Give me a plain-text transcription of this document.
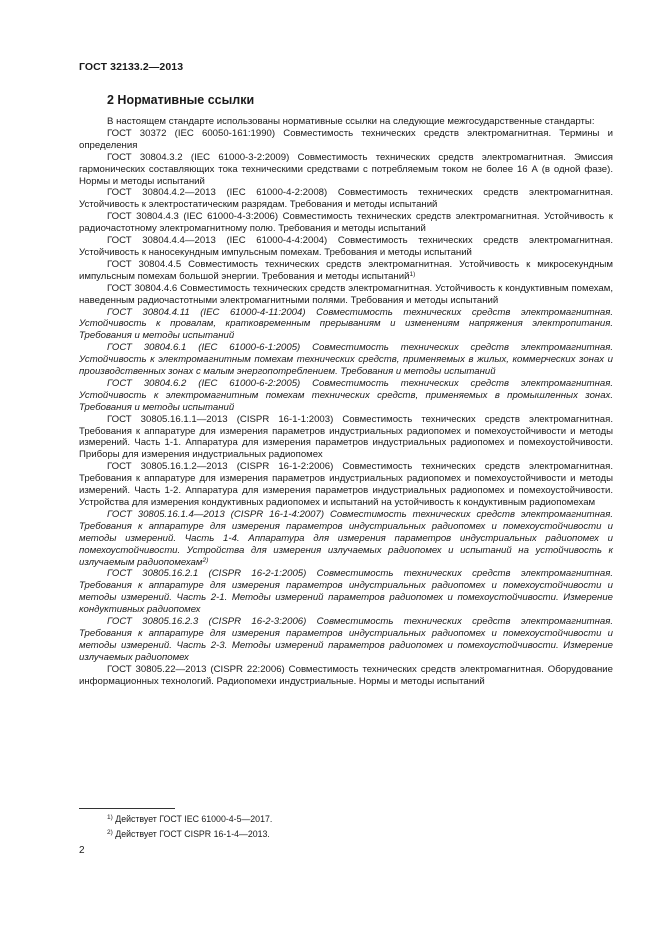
ГОСТ 32133.2—2013
2 Нормативные ссылки

В настоящем стандарте использованы нормативные ссылки на следующие межгосударственные стандарты:

ГОСТ 30372 (IEC 60050-161:1990) Совместимость технических средств электромагнитная. Термины и определения

ГОСТ 30804.3.2 (IEC 61000-3-2:2009) Совместимость технических средств электромагнитная. Эмиссия гармонических составляющих тока техническими средствами с потребляемым током не более 16 А (в одной фазе). Нормы и методы испытаний

ГОСТ 30804.4.2—2013 (IEC 61000-4-2:2008) Совместимость технических средств электромагнитная. Устойчивость к электростатическим разрядам. Требования и методы испытаний

ГОСТ 30804.4.3 (IEC 61000-4-3:2006) Совместимость технических средств электромагнитная. Устойчивость к радиочастотному электромагнитному полю. Требования и методы испытаний

ГОСТ 30804.4.4—2013 (IEC 61000-4-4:2004) Совместимость технических средств электромагнитная. Устойчивость к наносекундным импульсным помехам. Требования и методы испытаний

ГОСТ 30804.4.5 Совместимость технических средств электромагнитная. Устойчивость к микросекундным импульсным помехам большой энергии. Требования и методы испытаний$^{1)}$

ГОСТ 30804.4.6 Совместимость технических средств электромагнитная. Устойчивость к кондуктивным помехам, наведенным радиочастотными электромагнитными полями. Требования и методы испытаний

ГОСТ 30804.4.11 (IEC 61000-4-11:2004) Совместимость технических средств электромагнитная. Устойчивость к провалам, кратковременным прерываниям и изменениям напряжения электропитания. Требования и методы испытаний

ГОСТ 30804.6.1 (IEC 61000-6-1:2005) Совместимость технических средств электромагнитная. Устойчивость к электромагнитным помехам технических средств, применяемых в жилых, коммерческих зонах и производственных зонах с малым энергопотреблением. Требования и методы испытаний

ГОСТ 30804.6.2 (IEC 61000-6-2:2005) Совместимость технических средств электромагнитная. Устойчивость к электромагнитным помехам технических средств, применяемых в промышленных зонах. Требования и методы испытаний

ГОСТ 30805.16.1.1—2013 (CISPR 16-1-1:2003) Совместимость технических средств электромагнитная. Требования к аппаратуре для измерения параметров индустриальных радиопомех и помехоустойчивости и методы измерений. Часть 1-1. Аппаратура для измерения параметров индустриальных радиопомех и помехоустойчивости. Приборы для измерения индустриальных радиопомех

ГОСТ 30805.16.1.2—2013 (CISPR 16-1-2:2006) Совместимость технических средств электромагнитная. Требования к аппаратуре для измерения параметров индустриальных радиопомех и помехоустойчивости и методы измерений. Часть 1-2. Аппаратура для измерения параметров индустриальных радиопомех и помехоустойчивости. Устройства для измерения кондуктивных радиопомех и испытаний на устойчивость к кондуктивным радиопомехам

ГОСТ 30805.16.1.4—2013 (CISPR 16-1-4:2007) Совместимость технических средств электромагнитная. Требования к аппаратуре для измерения параметров индустриальных радиопомех и помехоустойчивости и методы измерений. Часть 1-4. Аппаратура для измерения параметров индустриальных радиопомех и помехоустойчивости. Устройства для измерения излучаемых радиопомех и испытаний на устойчивость к излучаемым радиопомехам$^{2)}$

ГОСТ 30805.16.2.1 (CISPR 16-2-1:2005) Совместимость технических средств электромагнитная. Требования к аппаратуре для измерения параметров индустриальных радиопомех и помехоустойчивости и методы измерений. Часть 2-1. Методы измерений параметров радиопомех и помехоустойчивости. Измерение кондуктивных радиопомех

ГОСТ 30805.16.2.3 (CISPR 16-2-3:2006) Совместимость технических средств электромагнитная. Требования к аппаратуре для измерения параметров индустриальных радиопомех и помехоустойчивости и методы измерений. Часть 2-3. Методы измерений параметров радиопомех и помехоустойчивости. Измерение излучаемых радиопомех

ГОСТ 30805.22—2013 (CISPR 22:2006) Совместимость технических средств электромагнитная. Оборудование информационных технологий. Радиопомехи индустриальные. Нормы и методы испытаний

$^{1)}$ Действует ГОСТ IEC 61000-4-5—2017.
$^{2)}$ Действует ГОСТ CISPR 16-1-4—2013.
2
